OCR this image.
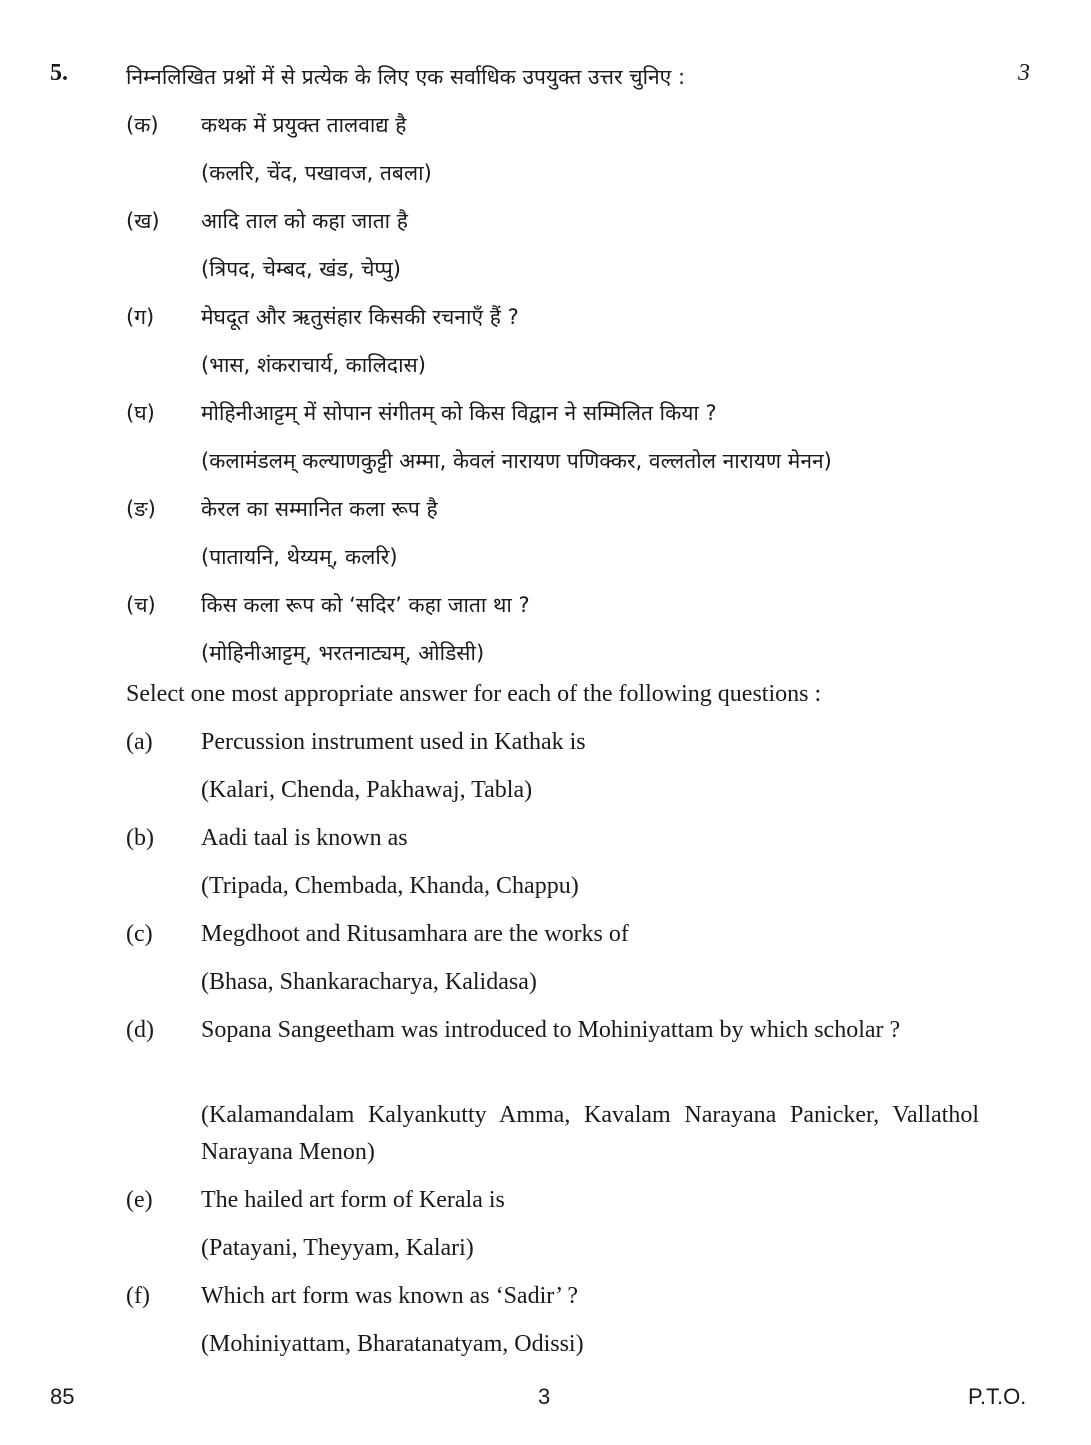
5.	निम्नलिखित प्रश्नों में से प्रत्येक के लिए एक सर्वाधिक उपयुक्त उत्तर चुनिए :	3
(क) कथक में प्रयुक्त तालवाद्य है
(कलरि, चेंद, पखावज, तबला)
(ख) आदि ताल को कहा जाता है
(त्रिपद, चेम्बद, खंड, चेप्पु)
(ग) मेघदूत और ऋतुसंहार किसकी रचनाएँ हैं ?
(भास, शंकराचार्य, कालिदास)
(घ) मोहिनीआट्टम् में सोपान संगीतम् को किस विद्वान ने सम्मिलित किया ?
(कलामंडलम् कल्याणकुट्टी अम्मा, केवलं नारायण पणिक्कर, वल्लतोल नारायण मेनन)
(ङ) केरल का सम्मानित कला रूप है
(पातायनि, थेय्यम्, कलरि)
(च) किस कला रूप को ‘सदिर’ कहा जाता था ?
(मोहिनीआट्टम्, भरतनाट्यम्, ओडिसी)
Select one most appropriate answer for each of the following questions :
(a) Percussion instrument used in Kathak is
(Kalari, Chenda, Pakhawaj, Tabla)
(b) Aadi taal is known as
(Tripada, Chembada, Khanda, Chappu)
(c) Megdhoot and Ritusamhara are the works of
(Bhasa, Shankaracharya, Kalidasa)
(d) Sopana Sangeetham was introduced to Mohiniyattam by which scholar ?
(Kalamandalam Kalyankutty Amma, Kavalam Narayana Panicker, Vallathol Narayana Menon)
(e) The hailed art form of Kerala is
(Patayani, Theyyam, Kalari)
(f) Which art form was known as ‘Sadir’ ?
(Mohiniyattam, Bharatanatyam, Odissi)
85	3	P.T.O.
